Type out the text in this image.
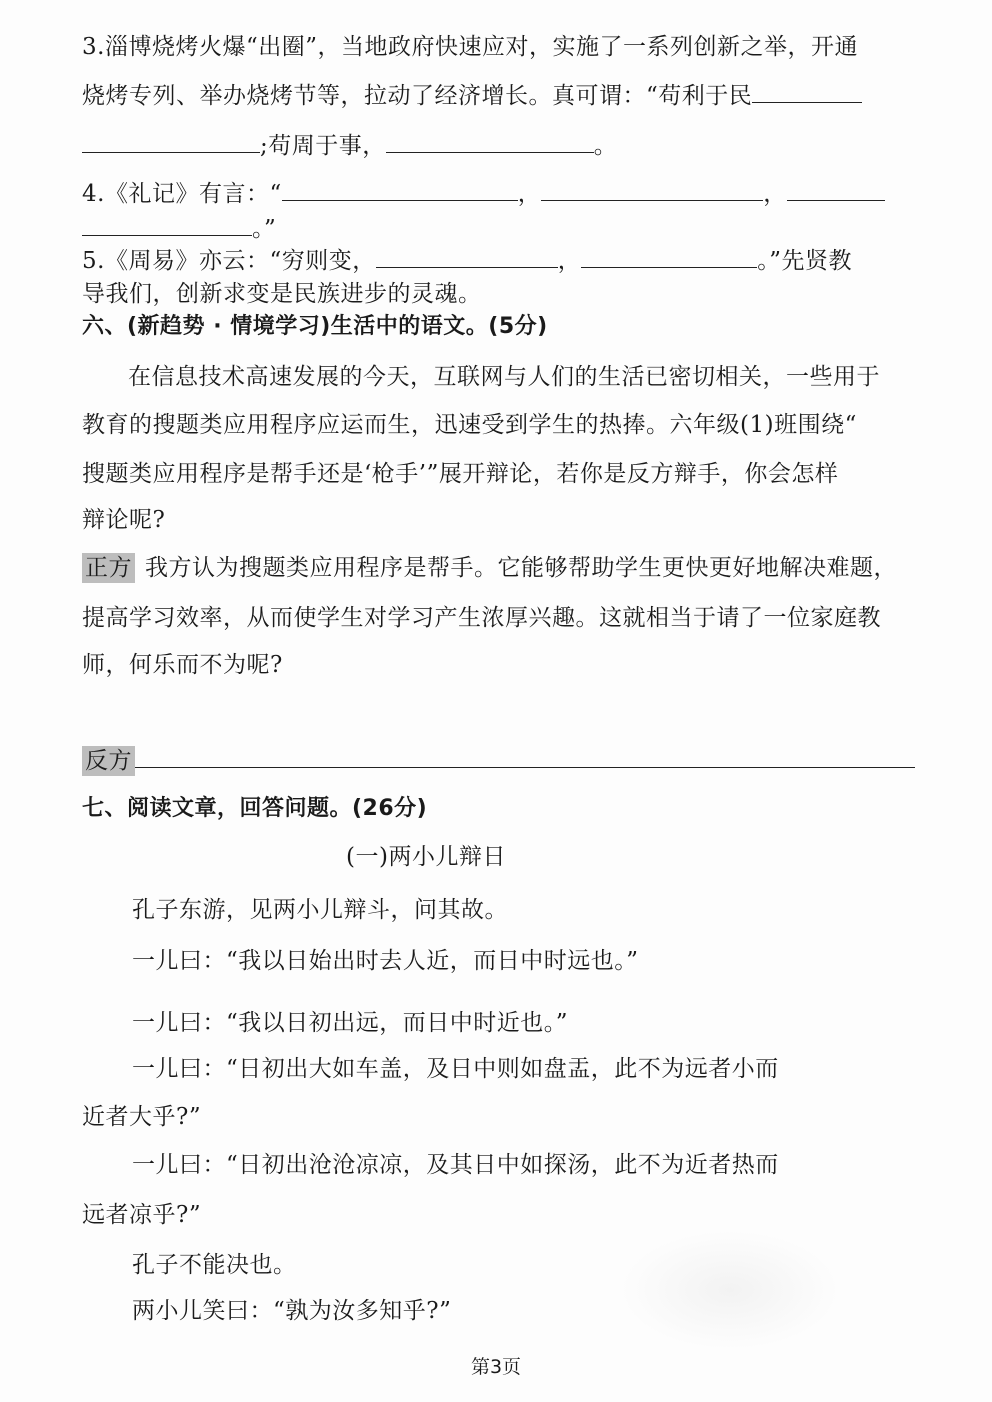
3.淄博烧烤火爆“出圈”，当地政府快速应对，实施了一系列创新之举，开通
烧烤专列、举办烧烤节等，拉动了经济增长。真可谓：“苟利于民
;苟周于事，	。
4.《礼记》有言：“	，	，
。”
5.《周易》亦云：“穷则变，	，	。”先贤教
导我们，创新求变是民族进步的灵魂。
六、(新趋势 · 情境学习)生活中的语文。(5分)
在信息技术高速发展的今天，互联网与人们的生活已密切相关，一些用于
教育的搜题类应用程序应运而生，迅速受到学生的热捧。六年级(1)班围绕“
搜题类应用程序是帮手还是‘枪手’”展开辩论，若你是反方辩手，你会怎样
辩论呢?
正方 我方认为搜题类应用程序是帮手。它能够帮助学生更快更好地解决难题，
提高学习效率，从而使学生对学习产生浓厚兴趣。这就相当于请了一位家庭教
师，何乐而不为呢?
反方
七、阅读文章，回答问题。(26分)
(一)两小儿辩日
孔子东游，见两小儿辩斗，问其故。
一儿曰：“我以日始出时去人近，而日中时远也。”
一儿曰：“我以日初出远，而日中时近也。”
一儿曰：“日初出大如车盖，及日中则如盘盂，此不为远者小而
近者大乎?”
一儿曰：“日初出沧沧凉凉，及其日中如探汤，此不为近者热而
远者凉乎?”
孔子不能决也。
两小儿笑曰：“孰为汝多知乎?”
第3页
